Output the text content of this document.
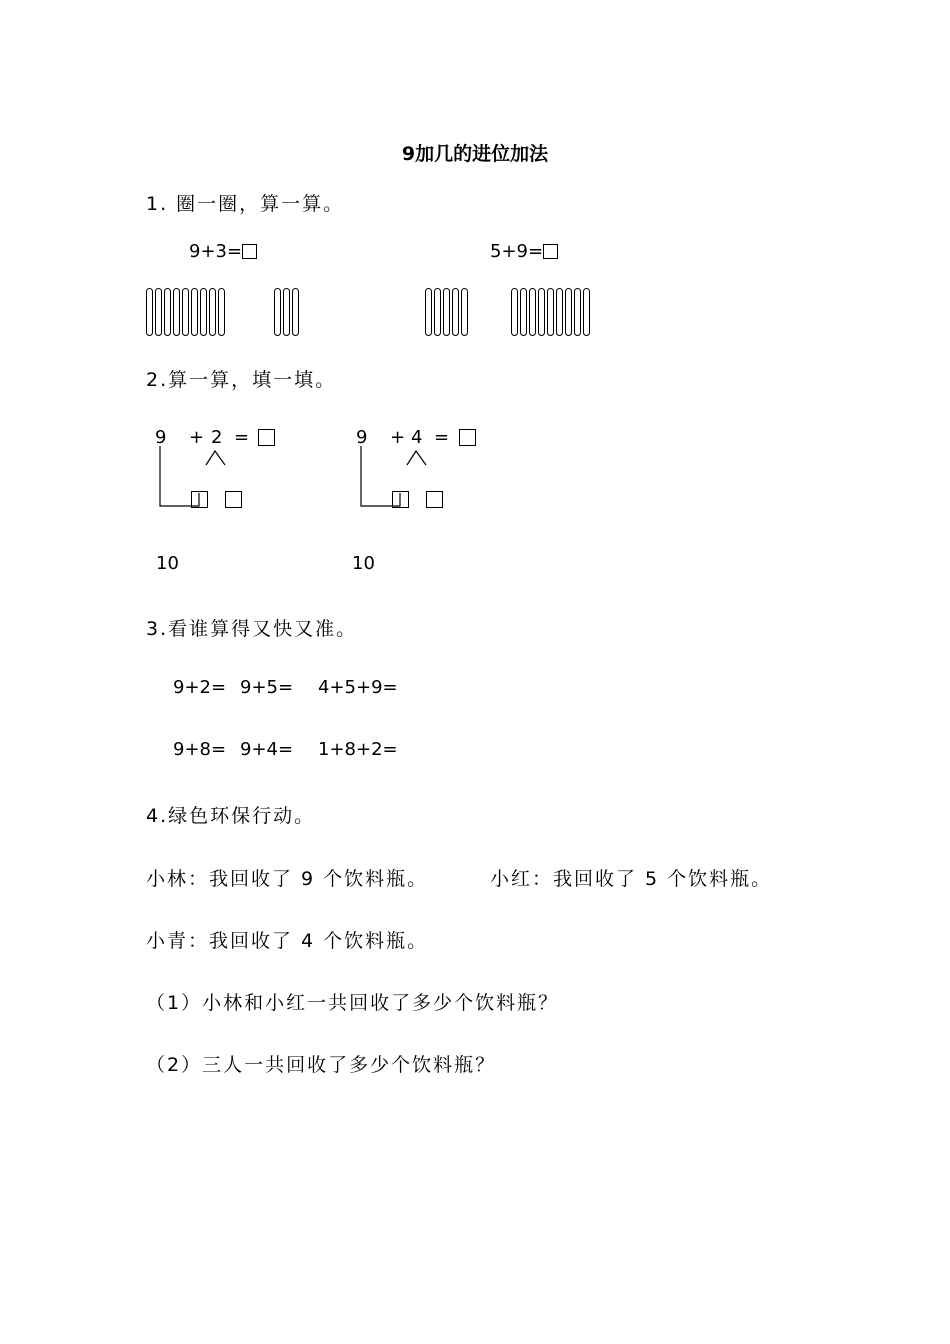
9加几的进位加法
1. 圈一圈，算一算。
9+3=	5+9=
2.算一算，填一填。
9 + 2 =
10
9 + 4 =
10
3.看谁算得又快又准。
9+2= 9+5= 4+5+9=
9+8= 9+4= 1+8+2=
4.绿色环保行动。
小林：我回收了 9 个饮料瓶。	小红：我回收了 5 个饮料瓶。
小青：我回收了 4 个饮料瓶。
（1）小林和小红一共回收了多少个饮料瓶？
（2）三人一共回收了多少个饮料瓶？
